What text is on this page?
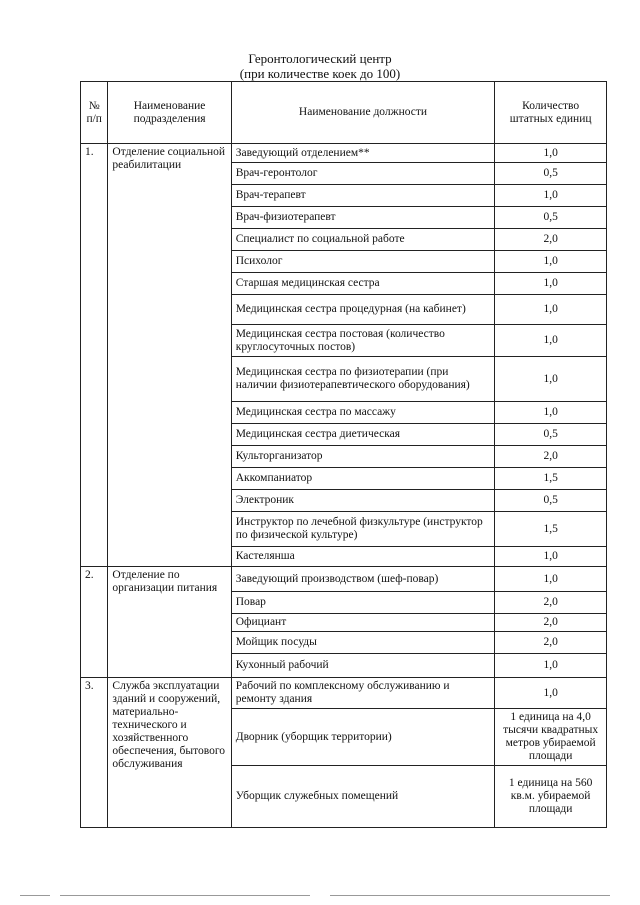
Геронтологический центр
(при количестве коек до 100)
№ п/п	Наименование подразделения	Наименование должности	Количество штатных единиц
1.	Отделение социальной реабилитации	Заведующий отделением**	1,0
		Врач-геронтолог	0,5
		Врач-терапевт	1,0
		Врач-физиотерапевт	0,5
		Специалист по социальной работе	2,0
		Психолог	1,0
		Старшая медицинская сестра	1,0
		Медицинская сестра процедурная (на кабинет)	1,0
		Медицинская сестра постовая (количество круглосуточных постов)	1,0
		Медицинская сестра по физиотерапии (при наличии физиотерапевтического оборудования)	1,0
		Медицинская сестра по массажу	1,0
		Медицинская сестра диетическая	0,5
		Культорганизатор	2,0
		Аккомпаниатор	1,5
		Электроник	0,5
		Инструктор по лечебной физкультуре (инструктор по физической культуре)	1,5
		Кастелянша	1,0
2.	Отделение по организации питания	Заведующий производством (шеф-повар)	1,0
		Повар	2,0
		Официант	2,0
		Мойщик посуды	2,0
		Кухонный рабочий	1,0
3.	Служба эксплуатации зданий и сооружений, материально-технического и хозяйственного обеспечения, бытового обслуживания	Рабочий по комплексному обслуживанию и ремонту здания	1,0
		Дворник (уборщик территории)	1 единица на 4,0 тысячи квадратных метров убираемой площади
		Уборщик служебных помещений	1 единица на 560 кв.м. убираемой площади
